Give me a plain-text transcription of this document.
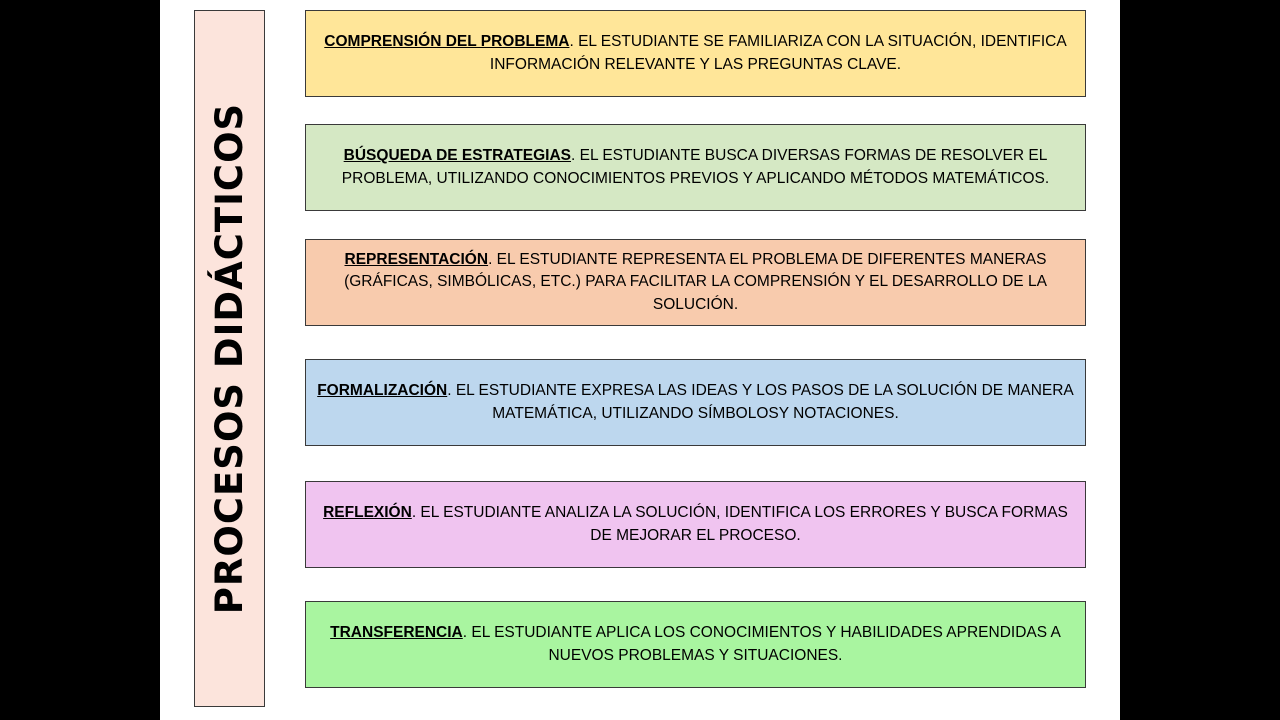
PROCESOS DIDÁCTICOS

COMPRENSIÓN DEL PROBLEMA. EL ESTUDIANTE SE FAMILIARIZA CON LA SITUACIÓN, IDENTIFICA INFORMACIÓN RELEVANTE Y LAS PREGUNTAS CLAVE.

BÚSQUEDA DE ESTRATEGIAS. EL ESTUDIANTE BUSCA DIVERSAS FORMAS DE RESOLVER EL PROBLEMA, UTILIZANDO CONOCIMIENTOS PREVIOS Y APLICANDO MÉTODOS MATEMÁTICOS.

REPRESENTACIÓN. EL ESTUDIANTE REPRESENTA EL PROBLEMA DE DIFERENTES MANERAS (GRÁFICAS, SIMBÓLICAS, ETC.) PARA FACILITAR LA COMPRENSIÓN Y EL DESARROLLO DE LA SOLUCIÓN.

FORMALIZACIÓN. EL ESTUDIANTE EXPRESA LAS IDEAS Y LOS PASOS DE LA SOLUCIÓN DE MANERA MATEMÁTICA, UTILIZANDO SÍMBOLOSY NOTACIONES.

REFLEXIÓN. EL ESTUDIANTE ANALIZA LA SOLUCIÓN, IDENTIFICA LOS ERRORES Y BUSCA FORMAS DE MEJORAR EL PROCESO.

TRANSFERENCIA. EL ESTUDIANTE APLICA LOS CONOCIMIENTOS Y HABILIDADES APRENDIDAS A NUEVOS PROBLEMAS Y SITUACIONES.
